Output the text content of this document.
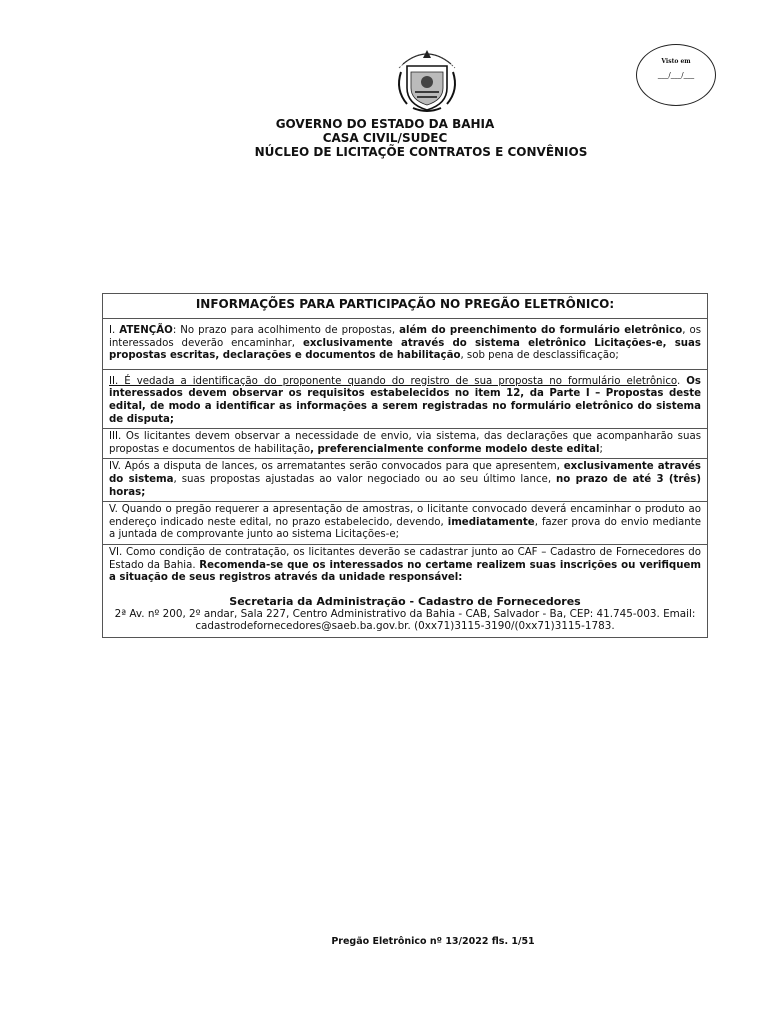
Visto em
___/___/___
GOVERNO DO ESTADO DA BAHIA
CASA CIVIL/SUDEC
NÚCLEO DE LICITAÇÕE CONTRATOS E CONVÊNIOS
INFORMAÇÕES PARA PARTICIPAÇÃO NO PREGÃO ELETRÔNICO:
I. ATENÇÃO: No prazo para acolhimento de propostas, além do preenchimento do formulário eletrônico, os interessados deverão encaminhar, exclusivamente através do sistema eletrônico Licitações-e, suas propostas escritas, declarações e documentos de habilitação, sob pena de desclassificação;
II. É vedada a identificação do proponente quando do registro de sua proposta no formulário eletrônico. Os interessados devem observar os requisitos estabelecidos no item 12, da Parte I – Propostas deste edital, de modo a identificar as informações a serem registradas no formulário eletrônico do sistema de disputa;
III. Os licitantes devem observar a necessidade de envio, via sistema, das declarações que acompanharão suas propostas e documentos de habilitação, preferencialmente conforme modelo deste edital;
IV. Após a disputa de lances, os arrematantes serão convocados para que apresentem, exclusivamente através do sistema, suas propostas ajustadas ao valor negociado ou ao seu último lance, no prazo de até 3 (três) horas;
V. Quando o pregão requerer a apresentação de amostras, o licitante convocado deverá encaminhar o produto ao endereço indicado neste edital, no prazo estabelecido, devendo, imediatamente, fazer prova do envio mediante a juntada de comprovante junto ao sistema Licitações-e;
VI. Como condição de contratação, os licitantes deverão se cadastrar junto ao CAF – Cadastro de Fornecedores do Estado da Bahia. Recomenda-se que os interessados no certame realizem suas inscrições ou verifiquem a situação de seus registros através da unidade responsável:
Secretaria da Administração - Cadastro de Fornecedores
2ª Av. nº 200, 2º andar, Sala 227, Centro Administrativo da Bahia - CAB, Salvador - Ba, CEP: 41.745-003. Email:
cadastrodefornecedores@saeb.ba.gov.br. (0xx71)3115-3190/(0xx71)3115-1783.
Pregão Eletrônico nº 13/2022 fls. 1/51
